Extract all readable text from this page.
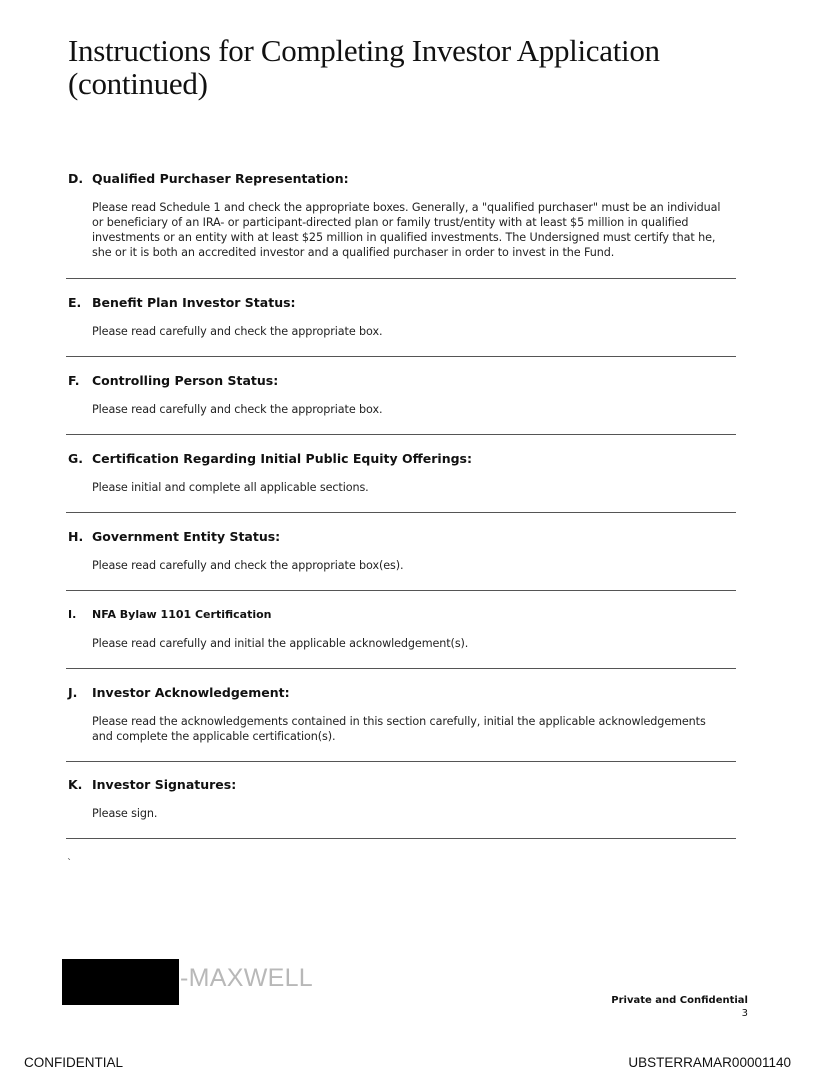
Instructions for Completing Investor Application (continued)
D. Qualified Purchaser Representation:
Please read Schedule 1 and check the appropriate boxes. Generally, a "qualified purchaser" must be an individual or beneficiary of an IRA- or participant-directed plan or family trust/entity with at least $5 million in qualified investments or an entity with at least $25 million in qualified investments. The Undersigned must certify that he, she or it is both an accredited investor and a qualified purchaser in order to invest in the Fund.
E. Benefit Plan Investor Status:
Please read carefully and check the appropriate box.
F.	Controlling Person Status:
Please read carefully and check the appropriate box.
G. Certification Regarding Initial Public Equity Offerings:
Please initial and complete all applicable sections.
H. Government Entity Status:
Please read carefully and check the appropriate box(es).
I.	NFA Bylaw 1101 Certification
Please read carefully and initial the applicable acknowledgement(s).
J.	Investor Acknowledgement:
Please read the acknowledgements contained in this section carefully, initial the applicable acknowledgements and complete the applicable certification(s).
K. Investor Signatures:
Please sign.
`
-MAXWELL
Private and Confidential
3
CONFIDENTIAL	UBSTERRAMAR00001140
